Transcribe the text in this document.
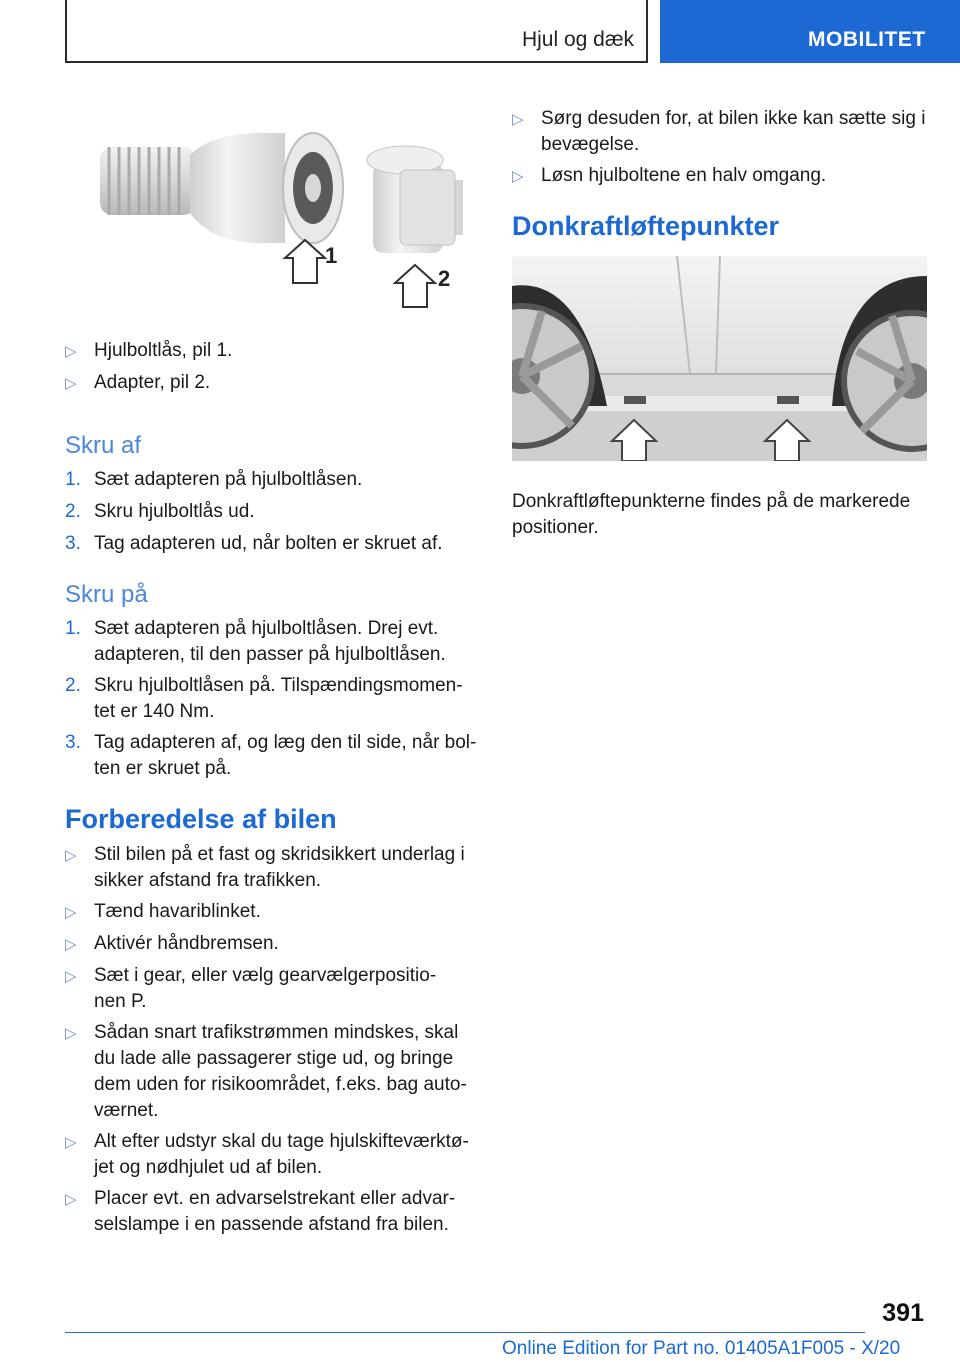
Hjul og dæk	MOBILITET
1
2
▷ Hjulboltlås, pil 1.
▷ Adapter, pil 2.
Skru af
1. Sæt adapteren på hjulboltlåsen.
2. Skru hjulboltlås ud.
3. Tag adapteren ud, når bolten er skruet af.
Skru på
1. Sæt adapteren på hjulboltlåsen. Drej evt.
adapteren, til den passer på hjulboltlåsen.
2. Skru hjulboltlåsen på. Tilspændingsmomen-
tet er 140 Nm.
3. Tag adapteren af, og læg den til side, når bol-
ten er skruet på.
Forberedelse af bilen
▷ Stil bilen på et fast og skridsikkert underlag i
sikker afstand fra trafikken.
▷ Tænd havariblinket.
▷ Aktivér håndbremsen.
▷ Sæt i gear, eller vælg gearvælgerpositio-
nen P.
▷ Sådan snart trafikstrømmen mindskes, skal
du lade alle passagerer stige ud, og bringe
dem uden for risikoområdet, f.eks. bag auto-
værnet.
▷ Alt efter udstyr skal du tage hjulskifteværktø-
jet og nødhjulet ud af bilen.
▷ Placer evt. en advarselstrekant eller advar-
selslampe i en passende afstand fra bilen.
▷ Sørg desuden for, at bilen ikke kan sætte sig i
bevægelse.
▷ Løsn hjulboltene en halv omgang.
Donkraftløftepunkter
Donkraftløftepunkterne findes på de markerede
positioner.
391
Online Edition for Part no. 01405A1F005 - X/20
